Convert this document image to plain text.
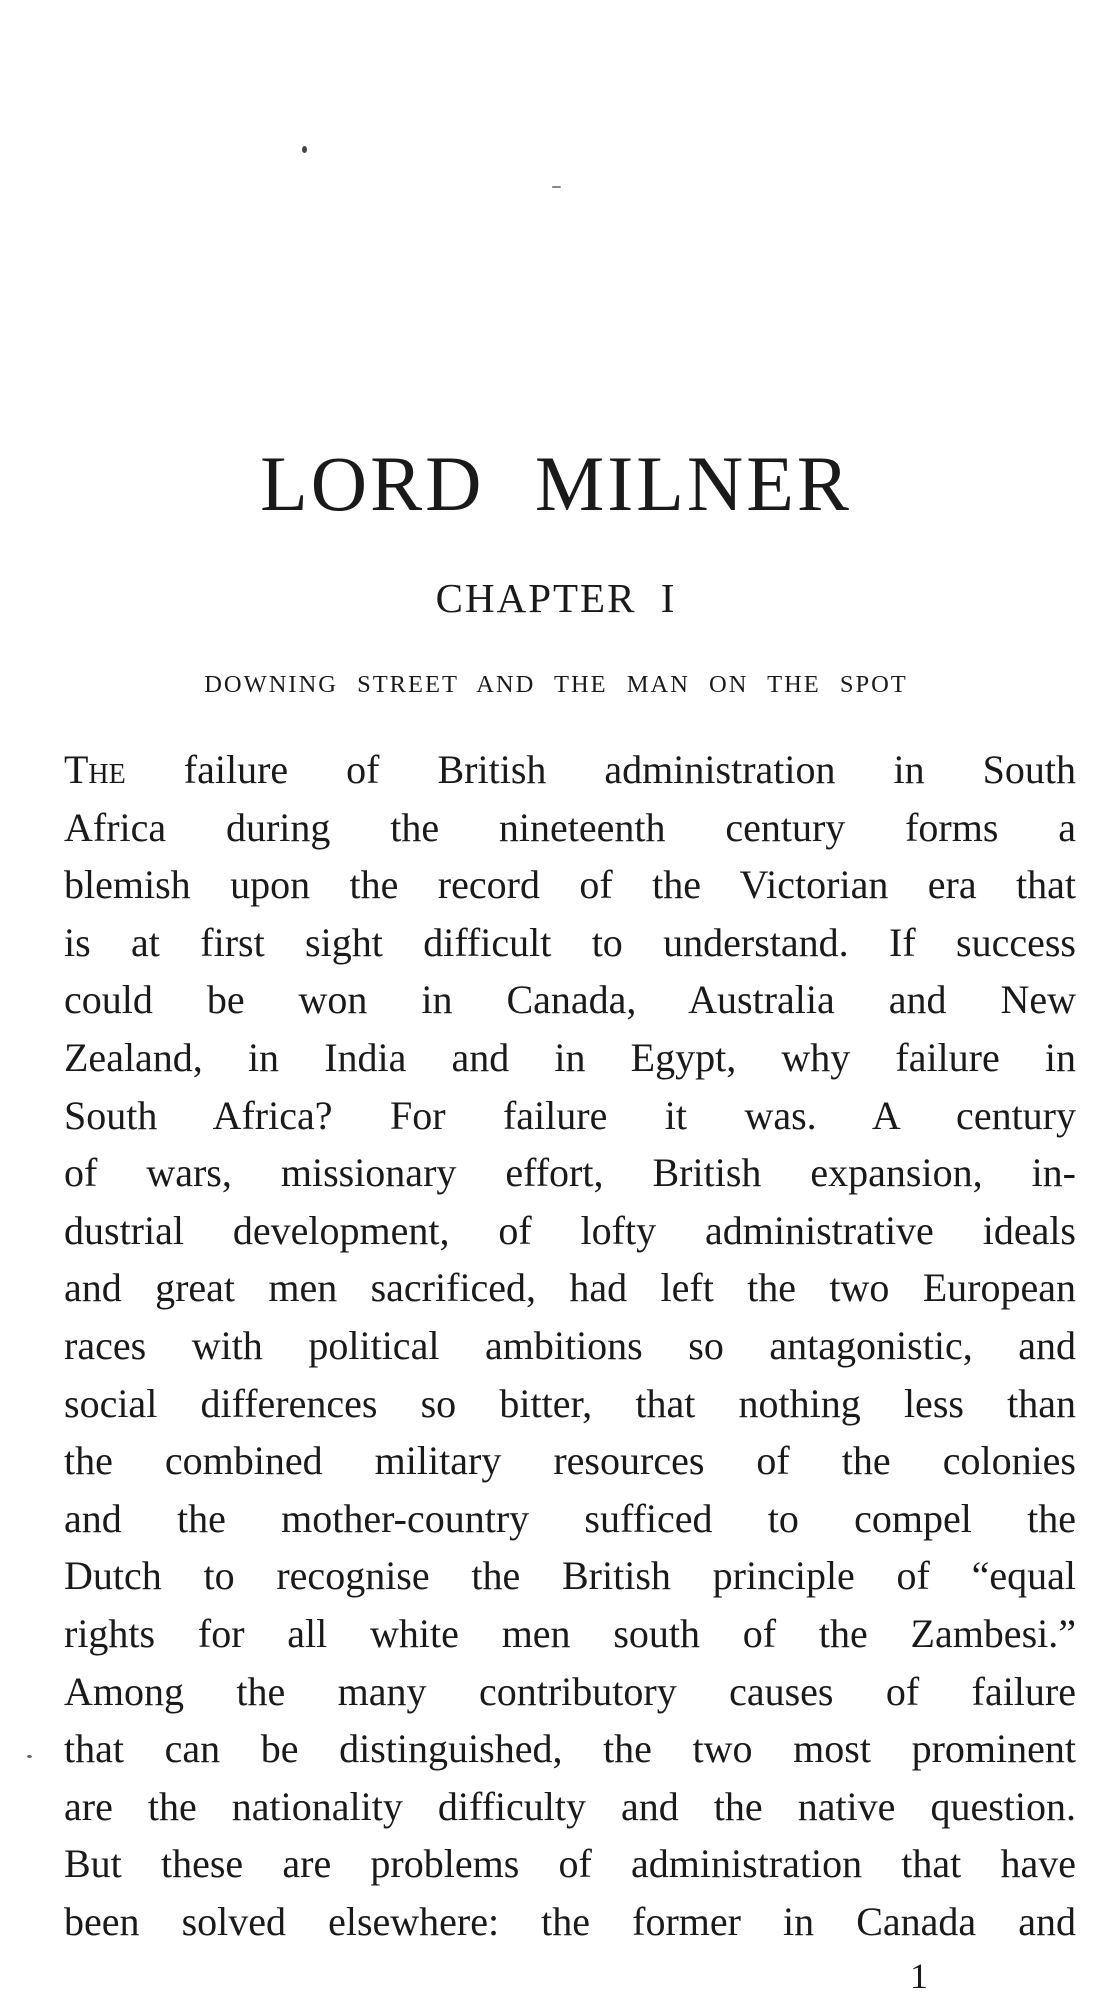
LORD MILNER
CHAPTER I
DOWNING STREET AND THE MAN ON THE SPOT

The failure of British administration in South
Africa during the nineteenth century forms a
blemish upon the record of the Victorian era that
is at first sight difficult to understand. If success
could be won in Canada, Australia and New
Zealand, in India and in Egypt, why failure in
South Africa? For failure it was. A century
of wars, missionary effort, British expansion, in-
dustrial development, of lofty administrative ideals
and great men sacrificed, had left the two European
races with political ambitions so antagonistic, and
social differences so bitter, that nothing less than
the combined military resources of the colonies
and the mother-country sufficed to compel the
Dutch to recognise the British principle of “equal
rights for all white men south of the Zambesi.”
Among the many contributory causes of failure
that can be distinguished, the two most prominent
are the nationality difficulty and the native question.
But these are problems of administration that have
been solved elsewhere: the former in Canada and

1
